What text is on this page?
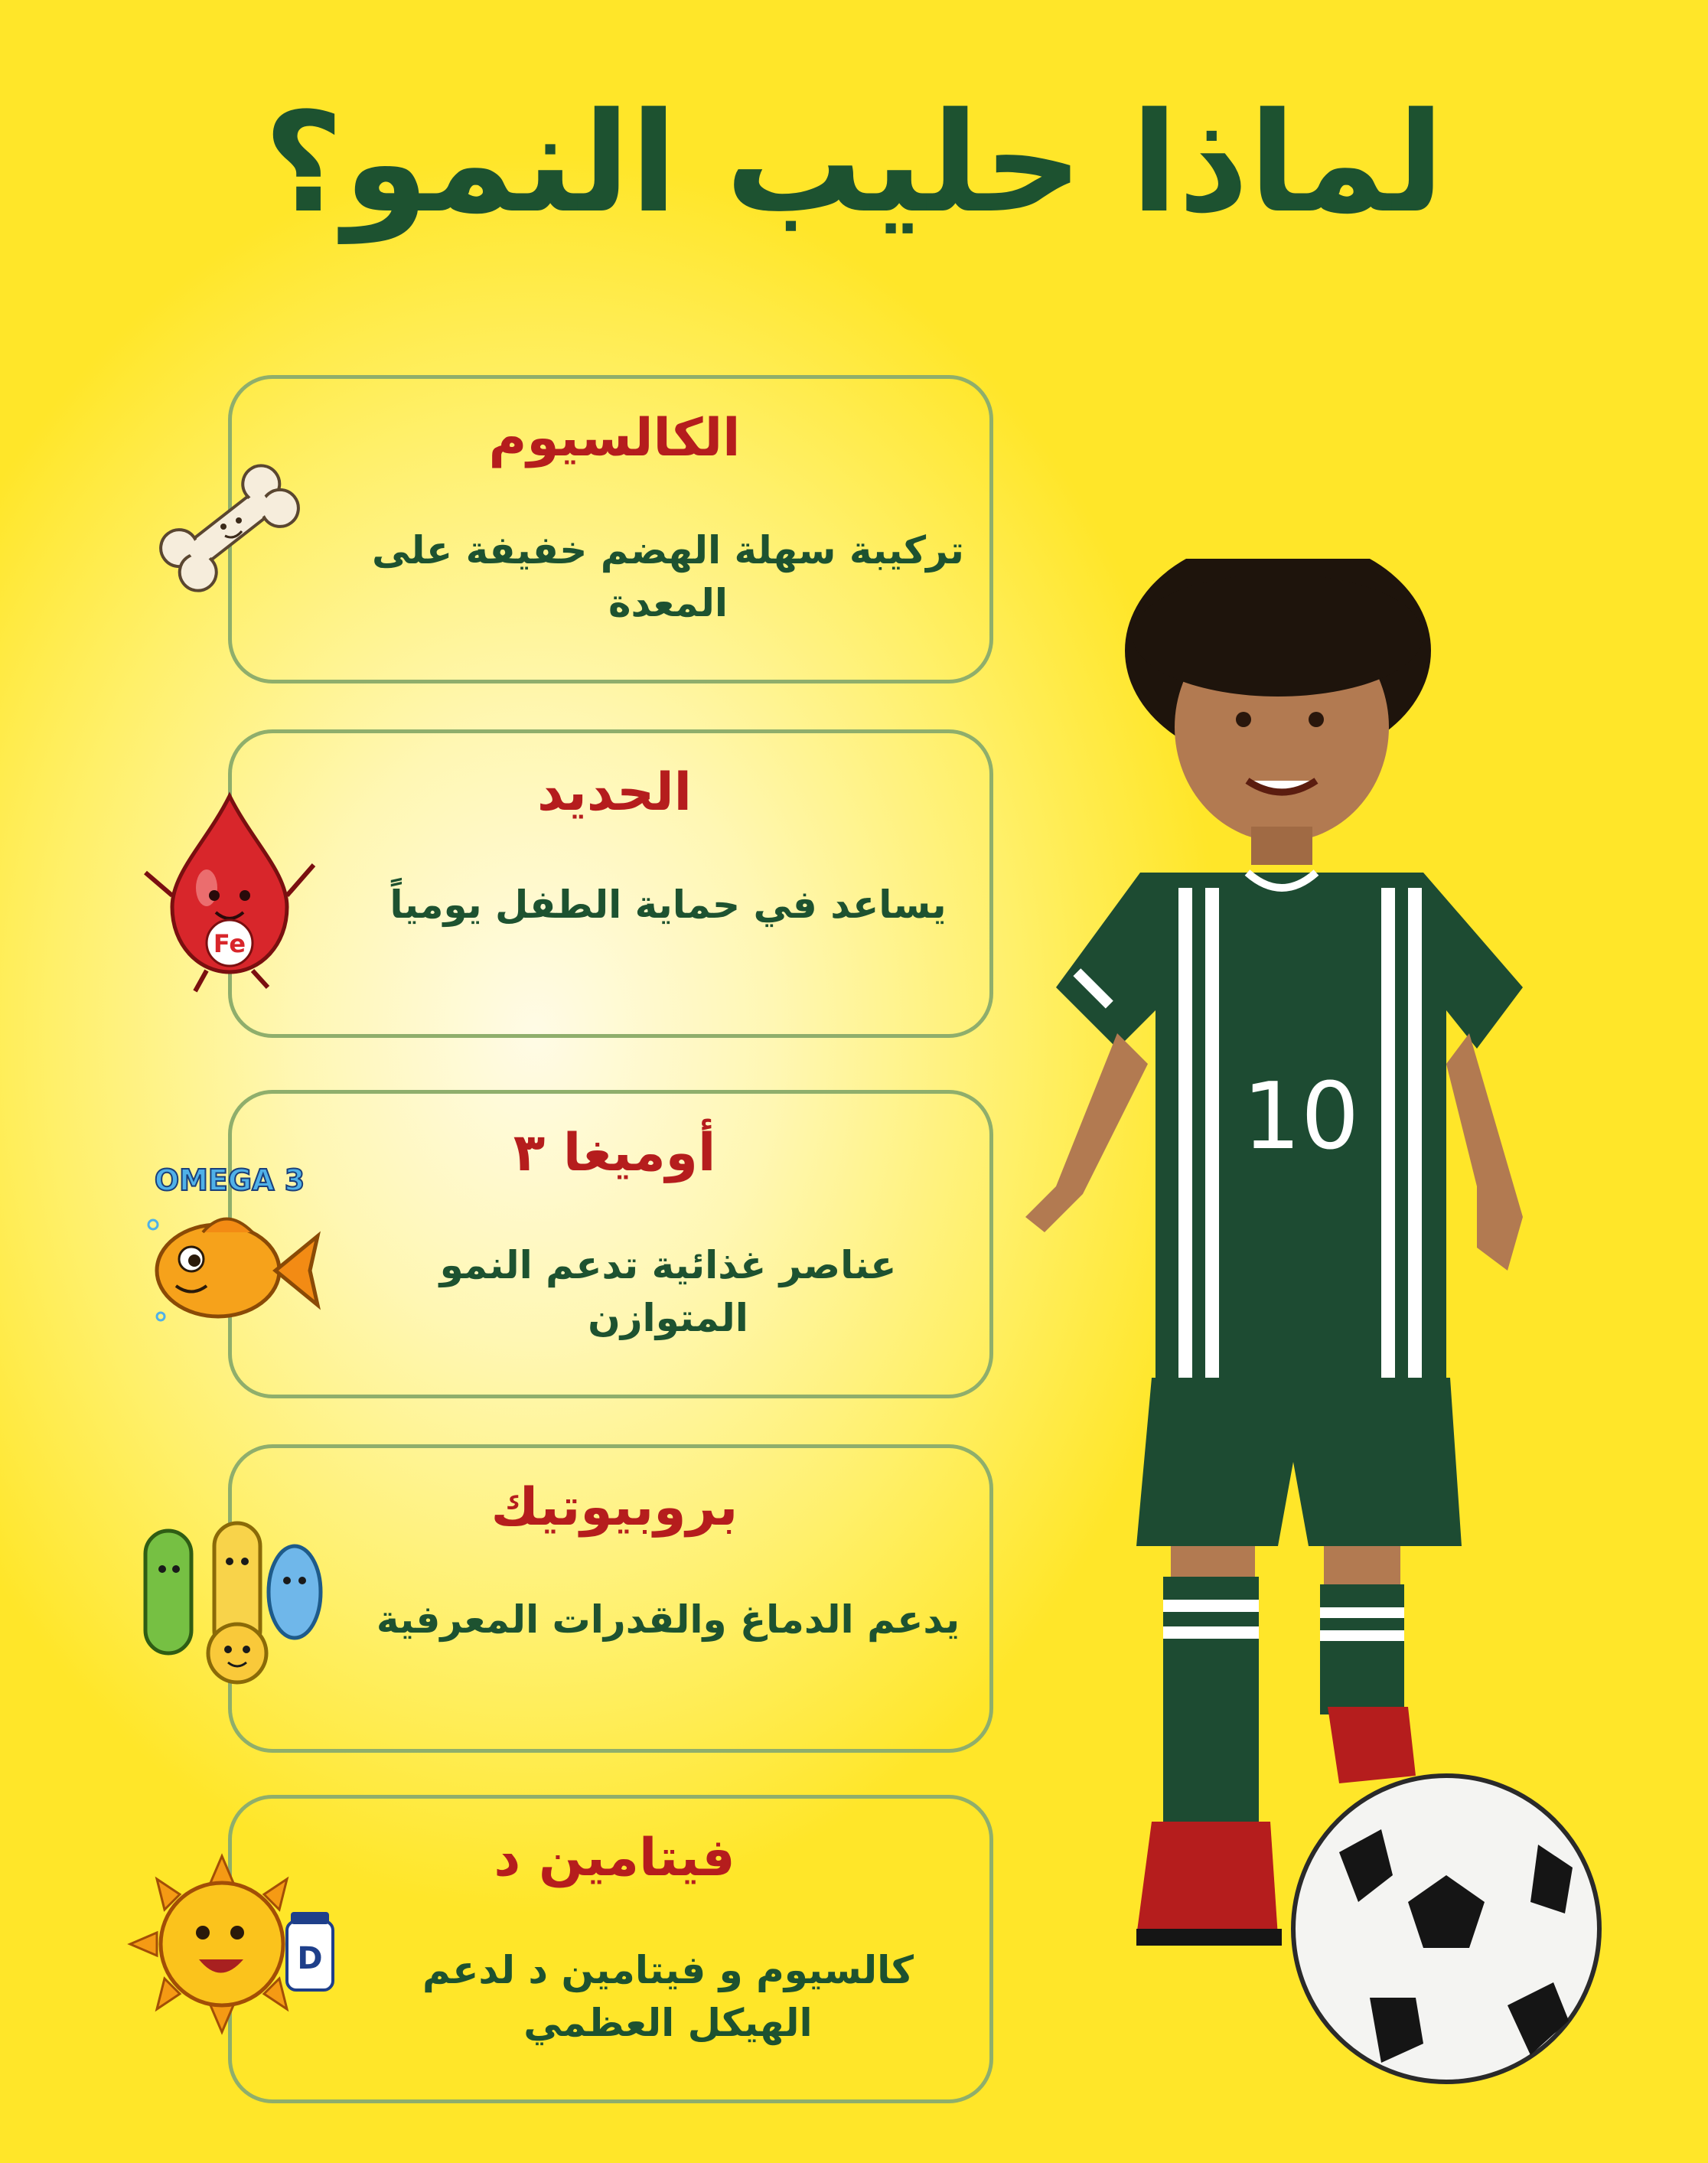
لماذا حليب النمو؟
الكالسيوم
تركيبة سهلة الهضم خفيفة على المعدة
الحديد
يساعد في حماية الطفل يومياً
أوميغا ٣
عناصر غذائية تدعم النمو المتوازن
بروبيوتيك
يدعم الدماغ والقدرات المعرفية
فيتامين د
كالسيوم و فيتامين د لدعم الهيكل العظمي
Fe
OMEGA 3
D
10
